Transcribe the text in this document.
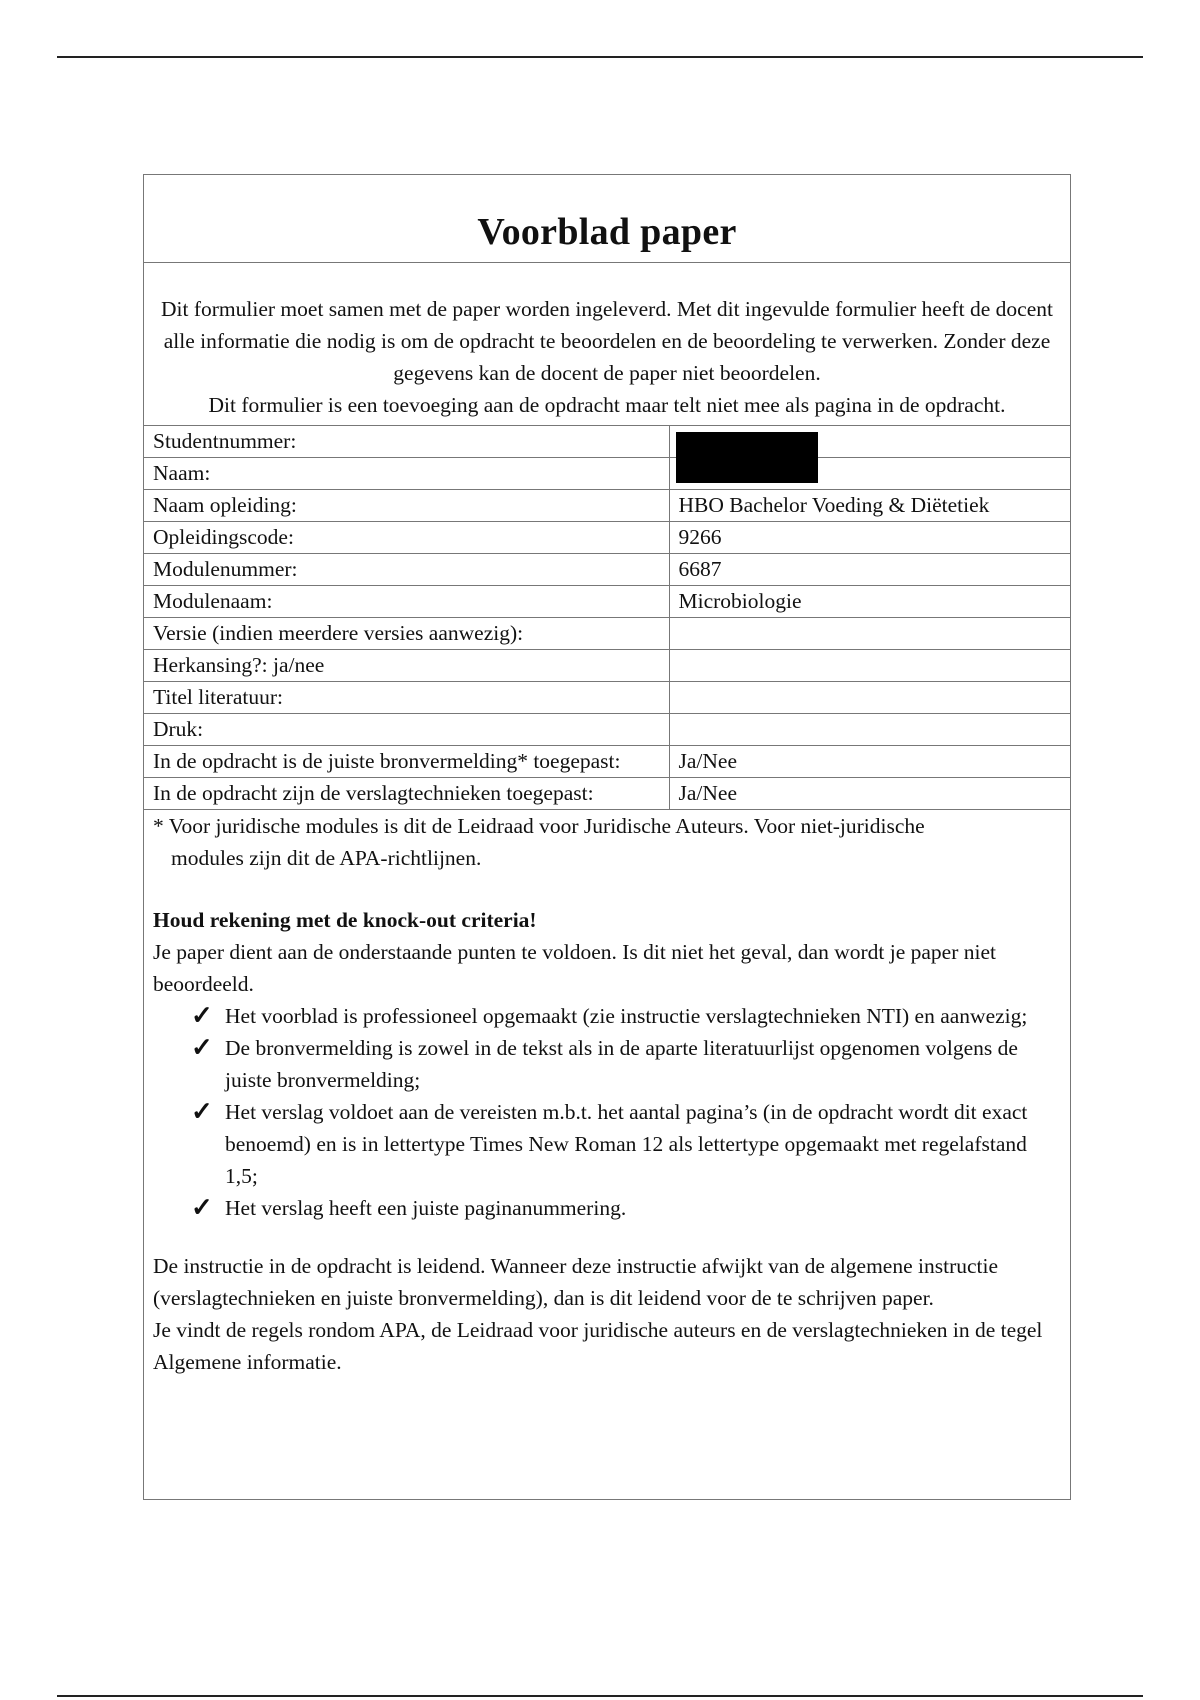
Voorblad paper

Dit formulier moet samen met de paper worden ingeleverd. Met dit ingevulde formulier heeft de docent alle informatie die nodig is om de opdracht te beoordelen en de beoordeling te verwerken. Zonder deze gegevens kan de docent de paper niet beoordelen.

Dit formulier is een toevoeging aan de opdracht maar telt niet mee als pagina in de opdracht.

Studentnummer:	

Naam:	
Naam opleiding:	HBO Bachelor Voeding & Diëtetiek
Opleidingscode:	9266
Modulenummer:	6687
Modulenaam:	Microbiologie
Versie (indien meerdere versies aanwezig):	
Herkansing?: ja/nee	
Titel literatuur:	
Druk:	
In de opdracht is de juiste bronvermelding* toegepast:	Ja/Nee
In de opdracht zijn de verslagtechnieken toegepast:	Ja/Nee

* Voor juridische modules is dit de Leidraad voor Juridische Auteurs. Voor niet-juridische

modules zijn dit de APA-richtlijnen.

Houd rekening met de knock-out criteria!

Je paper dient aan de onderstaande punten te voldoen. Is dit niet het geval, dan wordt je paper niet beoordeeld.

✓ Het voorblad is professioneel opgemaakt (zie instructie verslagtechnieken NTI) en aanwezig;
✓ De bronvermelding is zowel in de tekst als in de aparte literatuurlijst opgenomen volgens de juiste bronvermelding;
✓ Het verslag voldoet aan de vereisten m.b.t. het aantal pagina’s (in de opdracht wordt dit exact benoemd) en is in lettertype Times New Roman 12 als lettertype opgemaakt met regelafstand 1,5;
✓ Het verslag heeft een juiste paginanummering.

De instructie in de opdracht is leidend. Wanneer deze instructie afwijkt van de algemene instructie (verslagtechnieken en juiste bronvermelding), dan is dit leidend voor de te schrijven paper.

Je vindt de regels rondom APA, de Leidraad voor juridische auteurs en de verslagtechnieken in de tegel Algemene informatie.
